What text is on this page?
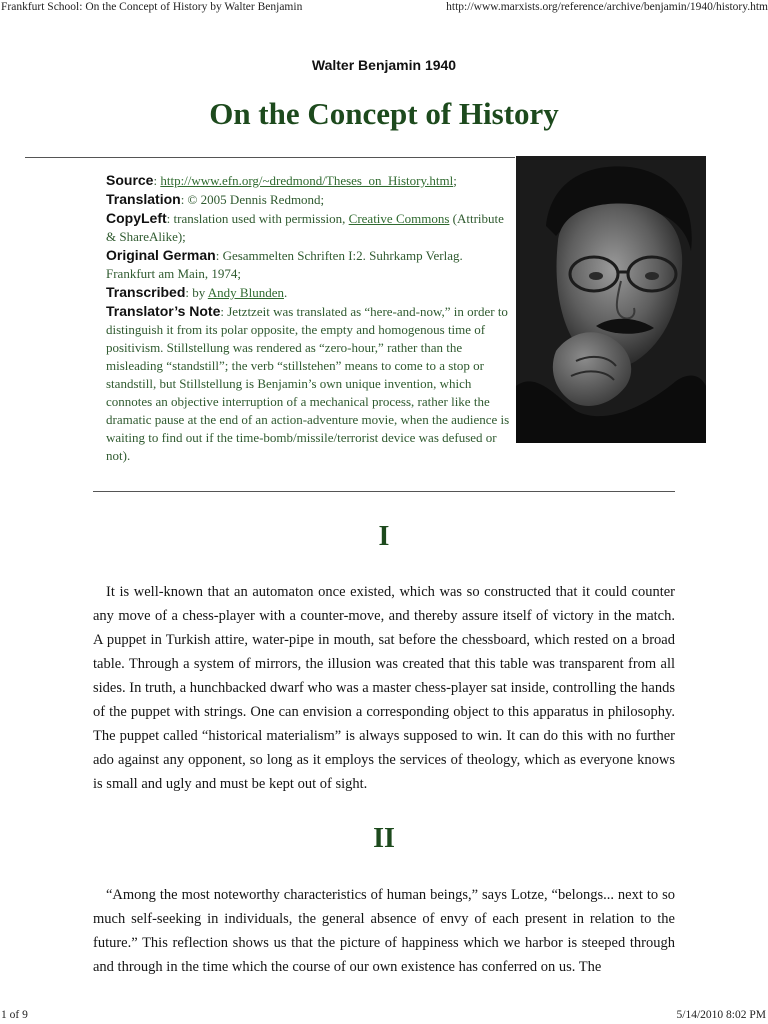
Frankfurt School: On the Concept of History by Walter Benjamin	http://www.marxists.org/reference/archive/benjamin/1940/history.htm
Walter Benjamin 1940
On the Concept of History

Source: http://www.efn.org/~dredmond/Theses_on_History.html;

Translation: © 2005 Dennis Redmond;

CopyLeft: translation used with permission, Creative Commons (Attribute & ShareAlike);

Original German: Gesammelten Schriften I:2. Suhrkamp Verlag. Frankfurt am Main, 1974;

Transcribed: by Andy Blunden.

Translator’s Note: Jetztzeit was translated as “here-and-now,” in order to distinguish it from its polar opposite, the empty and homogenous time of positivism. Stillstellung was rendered as “zero-hour,” rather than the misleading “standstill”; the verb “stillstehen” means to come to a stop or standstill, but Stillstellung is Benjamin’s own unique invention, which connotes an objective interruption of a mechanical process, rather like the dramatic pause at the end of an action-adventure movie, when the audience is waiting to find out if the time-bomb/missile/terrorist device was defused or not).

I

It is well-known that an automaton once existed, which was so constructed that it could counter any move of a chess-player with a counter-move, and thereby assure itself of victory in the match. A puppet in Turkish attire, water-pipe in mouth, sat before the chessboard, which rested on a broad table. Through a system of mirrors, the illusion was created that this table was transparent from all sides. In truth, a hunchbacked dwarf who was a master chess-player sat inside, controlling the hands of the puppet with strings. One can envision a corresponding object to this apparatus in philosophy. The puppet called “historical materialism” is always supposed to win. It can do this with no further ado against any opponent, so long as it employs the services of theology, which as everyone knows is small and ugly and must be kept out of sight.

II

“Among the most noteworthy characteristics of human beings,” says Lotze, “belongs... next to so much self-seeking in individuals, the general absence of envy of each present in relation to the future.” This reflection shows us that the picture of happiness which we harbor is steeped through and through in the time which the course of our own existence has conferred on us. The

1 of 9	5/14/2010 8:02 PM
